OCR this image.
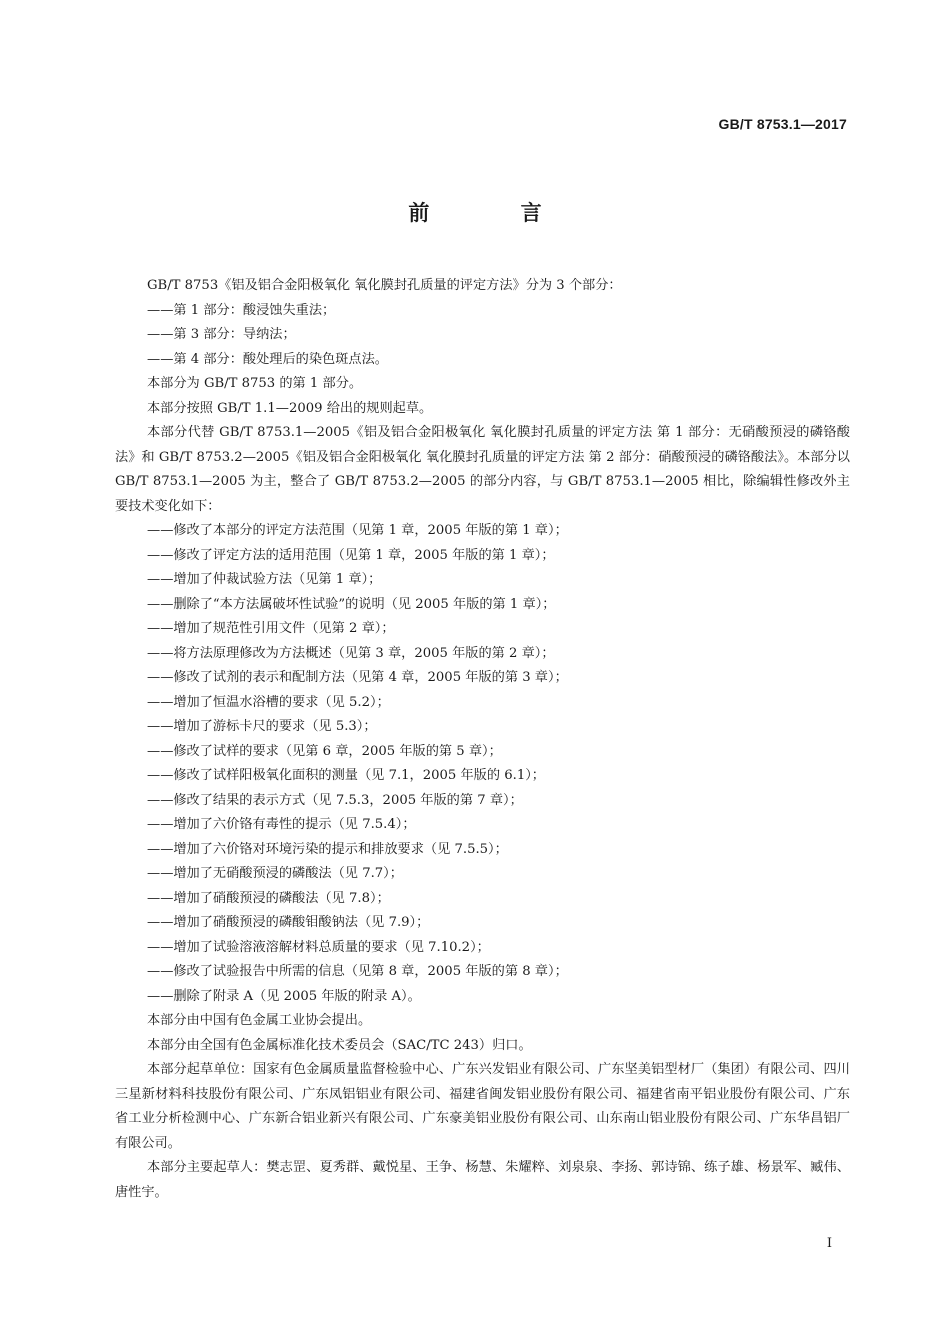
GB/T 8753.1—2017
前 言

GB/T 8753《铝及铝合金阳极氧化 氧化膜封孔质量的评定方法》分为 3 个部分：

——第 1 部分：酸浸蚀失重法；

——第 3 部分：导纳法；

——第 4 部分：酸处理后的染色斑点法。

本部分为 GB/T 8753 的第 1 部分。

本部分按照 GB/T 1.1—2009 给出的规则起草。

本部分代替 GB/T 8753.1—2005《铝及铝合金阳极氧化 氧化膜封孔质量的评定方法 第 1 部分：无硝酸预浸的磷铬酸法》和 GB/T 8753.2—2005《铝及铝合金阳极氧化 氧化膜封孔质量的评定方法 第 2 部分：硝酸预浸的磷铬酸法》。本部分以 GB/T 8753.1—2005 为主，整合了 GB/T 8753.2—2005 的部分内容，与 GB/T 8753.1—2005 相比，除编辑性修改外主要技术变化如下：

——修改了本部分的评定方法范围（见第 1 章，2005 年版的第 1 章）；

——修改了评定方法的适用范围（见第 1 章，2005 年版的第 1 章）；

——增加了仲裁试验方法（见第 1 章）；

——删除了“本方法属破坏性试验”的说明（见 2005 年版的第 1 章）；

——增加了规范性引用文件（见第 2 章）；

——将方法原理修改为方法概述（见第 3 章，2005 年版的第 2 章）；

——修改了试剂的表示和配制方法（见第 4 章，2005 年版的第 3 章）；

——增加了恒温水浴槽的要求（见 5.2）；

——增加了游标卡尺的要求（见 5.3）；

——修改了试样的要求（见第 6 章，2005 年版的第 5 章）；

——修改了试样阳极氧化面积的测量（见 7.1，2005 年版的 6.1）；

——修改了结果的表示方式（见 7.5.3，2005 年版的第 7 章）；

——增加了六价铬有毒性的提示（见 7.5.4）；

——增加了六价铬对环境污染的提示和排放要求（见 7.5.5）；

——增加了无硝酸预浸的磷酸法（见 7.7）；

——增加了硝酸预浸的磷酸法（见 7.8）；

——增加了硝酸预浸的磷酸钼酸钠法（见 7.9）；

——增加了试验溶液溶解材料总质量的要求（见 7.10.2）；

——修改了试验报告中所需的信息（见第 8 章，2005 年版的第 8 章）；

——删除了附录 A（见 2005 年版的附录 A）。

本部分由中国有色金属工业协会提出。

本部分由全国有色金属标准化技术委员会（SAC/TC 243）归口。

本部分起草单位：国家有色金属质量监督检验中心、广东兴发铝业有限公司、广东坚美铝型材厂（集团）有限公司、四川三星新材料科技股份有限公司、广东凤铝铝业有限公司、福建省闽发铝业股份有限公司、福建省南平铝业股份有限公司、广东省工业分析检测中心、广东新合铝业新兴有限公司、广东豪美铝业股份有限公司、山东南山铝业股份有限公司、广东华昌铝厂有限公司。

本部分主要起草人：樊志罡、夏秀群、戴悦星、王争、杨慧、朱耀粹、刘泉泉、李扬、郭诗锦、练子雄、杨景军、臧伟、唐性宇。

I
